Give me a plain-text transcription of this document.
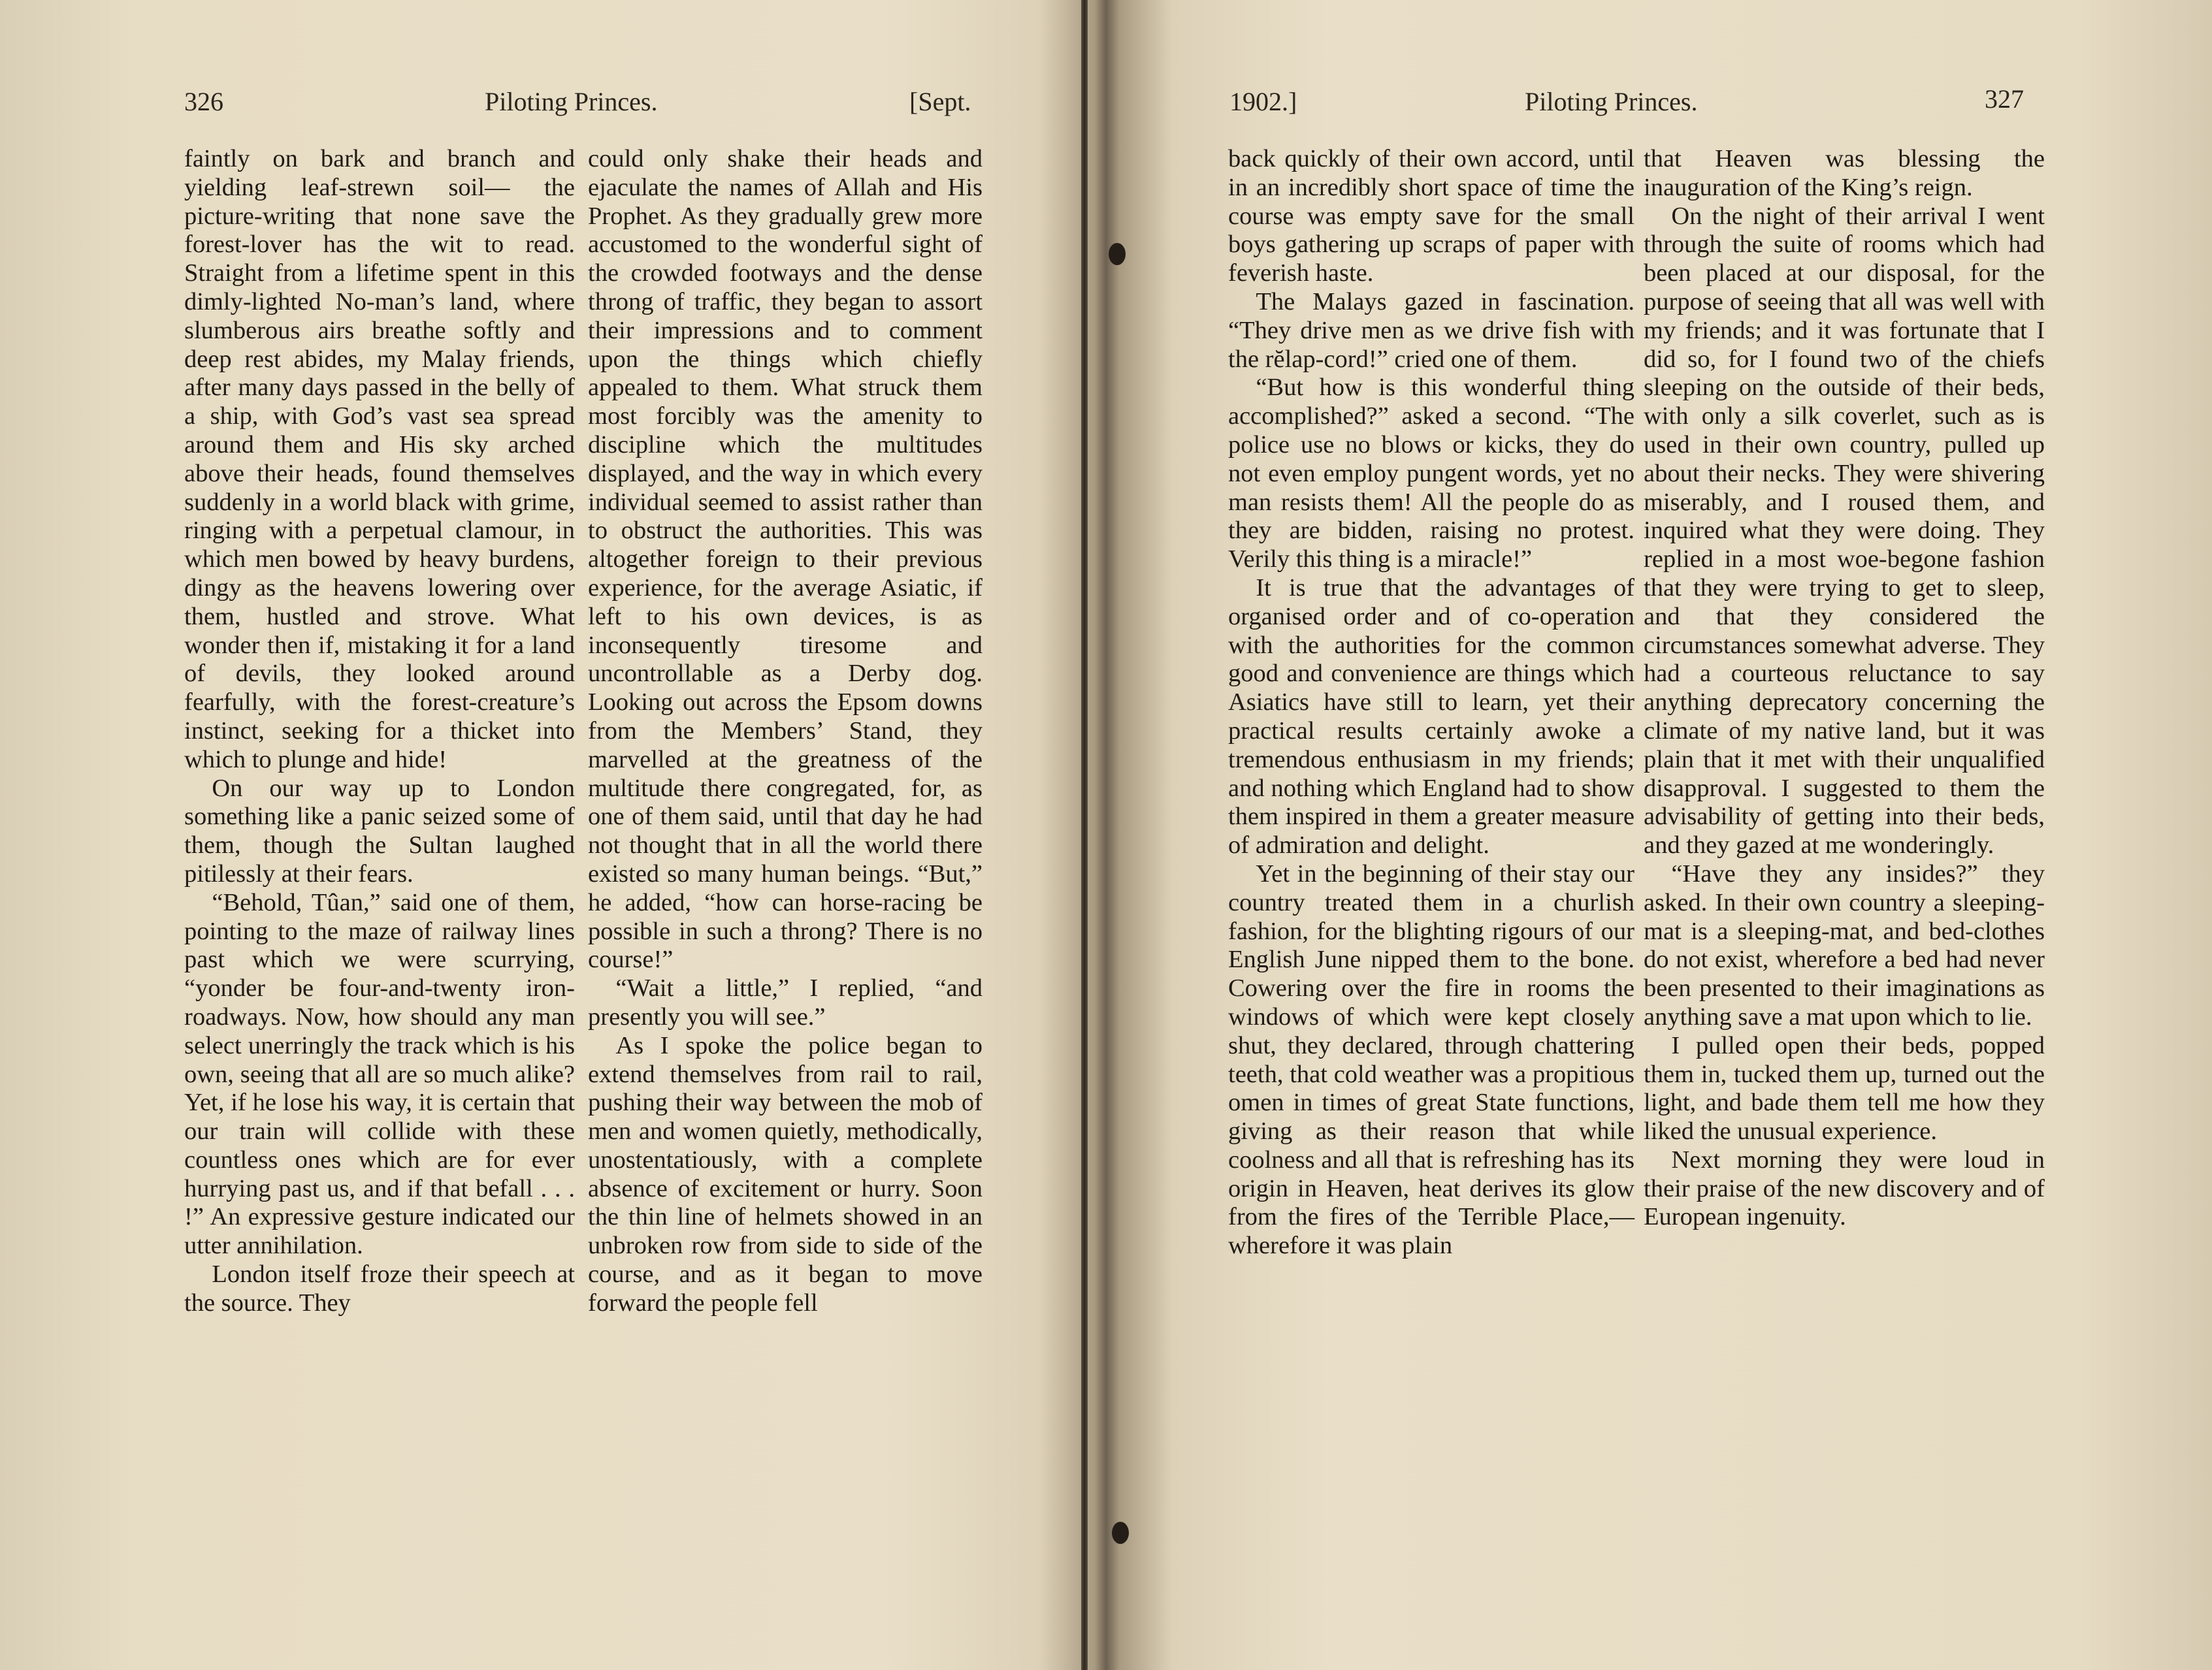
326	Piloting Princes.	[Sept.

faintly on bark and branch and yielding leaf-strewn soil— the picture-writing that none save the forest-lover has the wit to read. Straight from a lifetime spent in this dimly-lighted No-man’s land, where slumberous airs breathe softly and deep rest abides, my Malay friends, after many days passed in the belly of a ship, with God’s vast sea spread around them and His sky arched above their heads, found themselves suddenly in a world black with grime, ringing with a perpetual clamour, in which men bowed by heavy burdens, dingy as the heavens lowering over them, hustled and strove. What wonder then if, mistaking it for a land of devils, they looked around fearfully, with the forest-creature’s instinct, seeking for a thicket into which to plunge and hide!

On our way up to London something like a panic seized some of them, though the Sultan laughed pitilessly at their fears.

“Behold, Tûan,” said one of them, pointing to the maze of railway lines past which we were scurrying, “yonder be four-and-twenty iron-roadways. Now, how should any man select unerringly the track which is his own, seeing that all are so much alike? Yet, if he lose his way, it is certain that our train will collide with these countless ones which are for ever hurrying past us, and if that befall . . . !” An expressive gesture indicated our utter annihilation.

London itself froze their speech at the source. They

could only shake their heads and ejaculate the names of Allah and His Prophet. As they gradually grew more accustomed to the wonderful sight of the crowded footways and the dense throng of traffic, they began to assort their impressions and to comment upon the things which chiefly appealed to them. What struck them most forcibly was the amenity to discipline which the multitudes displayed, and the way in which every individual seemed to assist rather than to obstruct the authorities. This was altogether foreign to their previous experience, for the average Asiatic, if left to his own devices, is as inconsequently tiresome and uncontrollable as a Derby dog. Looking out across the Epsom downs from the Members’ Stand, they marvelled at the greatness of the multitude there congregated, for, as one of them said, until that day he had not thought that in all the world there existed so many human beings. “But,” he added, “how can horse-racing be possible in such a throng? There is no course!”

“Wait a little,” I replied, “and presently you will see.”

As I spoke the police began to extend themselves from rail to rail, pushing their way between the mob of men and women quietly, methodically, unostentatiously, with a complete absence of excitement or hurry. Soon the thin line of helmets showed in an unbroken row from side to side of the course, and as it began to move forward the people fell

1902.]	Piloting Princes.	327

back quickly of their own accord, until in an incredibly short space of time the course was empty save for the small boys gathering up scraps of paper with feverish haste.

The Malays gazed in fascination. “They drive men as we drive fish with the rĕlap-cord!” cried one of them.

“But how is this wonderful thing accomplished?” asked a second. “The police use no blows or kicks, they do not even employ pungent words, yet no man resists them! All the people do as they are bidden, raising no protest. Verily this thing is a miracle!”

It is true that the advantages of organised order and of co-operation with the authorities for the common good and convenience are things which Asiatics have still to learn, yet their practical results certainly awoke a tremendous enthusiasm in my friends; and nothing which England had to show them inspired in them a greater measure of admiration and delight.

Yet in the beginning of their stay our country treated them in a churlish fashion, for the blighting rigours of our English June nipped them to the bone. Cowering over the fire in rooms the windows of which were kept closely shut, they declared, through chattering teeth, that cold weather was a propitious omen in times of great State functions, giving as their reason that while coolness and all that is refreshing has its origin in Heaven, heat derives its glow from the fires of the Terrible Place,—wherefore it was plain

that Heaven was blessing the inauguration of the King’s reign.

On the night of their arrival I went through the suite of rooms which had been placed at our disposal, for the purpose of seeing that all was well with my friends; and it was fortunate that I did so, for I found two of the chiefs sleeping on the outside of their beds, with only a silk coverlet, such as is used in their own country, pulled up about their necks. They were shivering miserably, and I roused them, and inquired what they were doing. They replied in a most woe-begone fashion that they were trying to get to sleep, and that they considered the circumstances somewhat adverse. They had a courteous reluctance to say anything deprecatory concerning the climate of my native land, but it was plain that it met with their unqualified disapproval. I suggested to them the advisability of getting into their beds, and they gazed at me wonderingly.

“Have they any insides?” they asked. In their own country a sleeping-mat is a sleeping-mat, and bed-clothes do not exist, wherefore a bed had never been presented to their imaginations as anything save a mat upon which to lie.

I pulled open their beds, popped them in, tucked them up, turned out the light, and bade them tell me how they liked the unusual experience.

Next morning they were loud in their praise of the new discovery and of European ingenuity.
